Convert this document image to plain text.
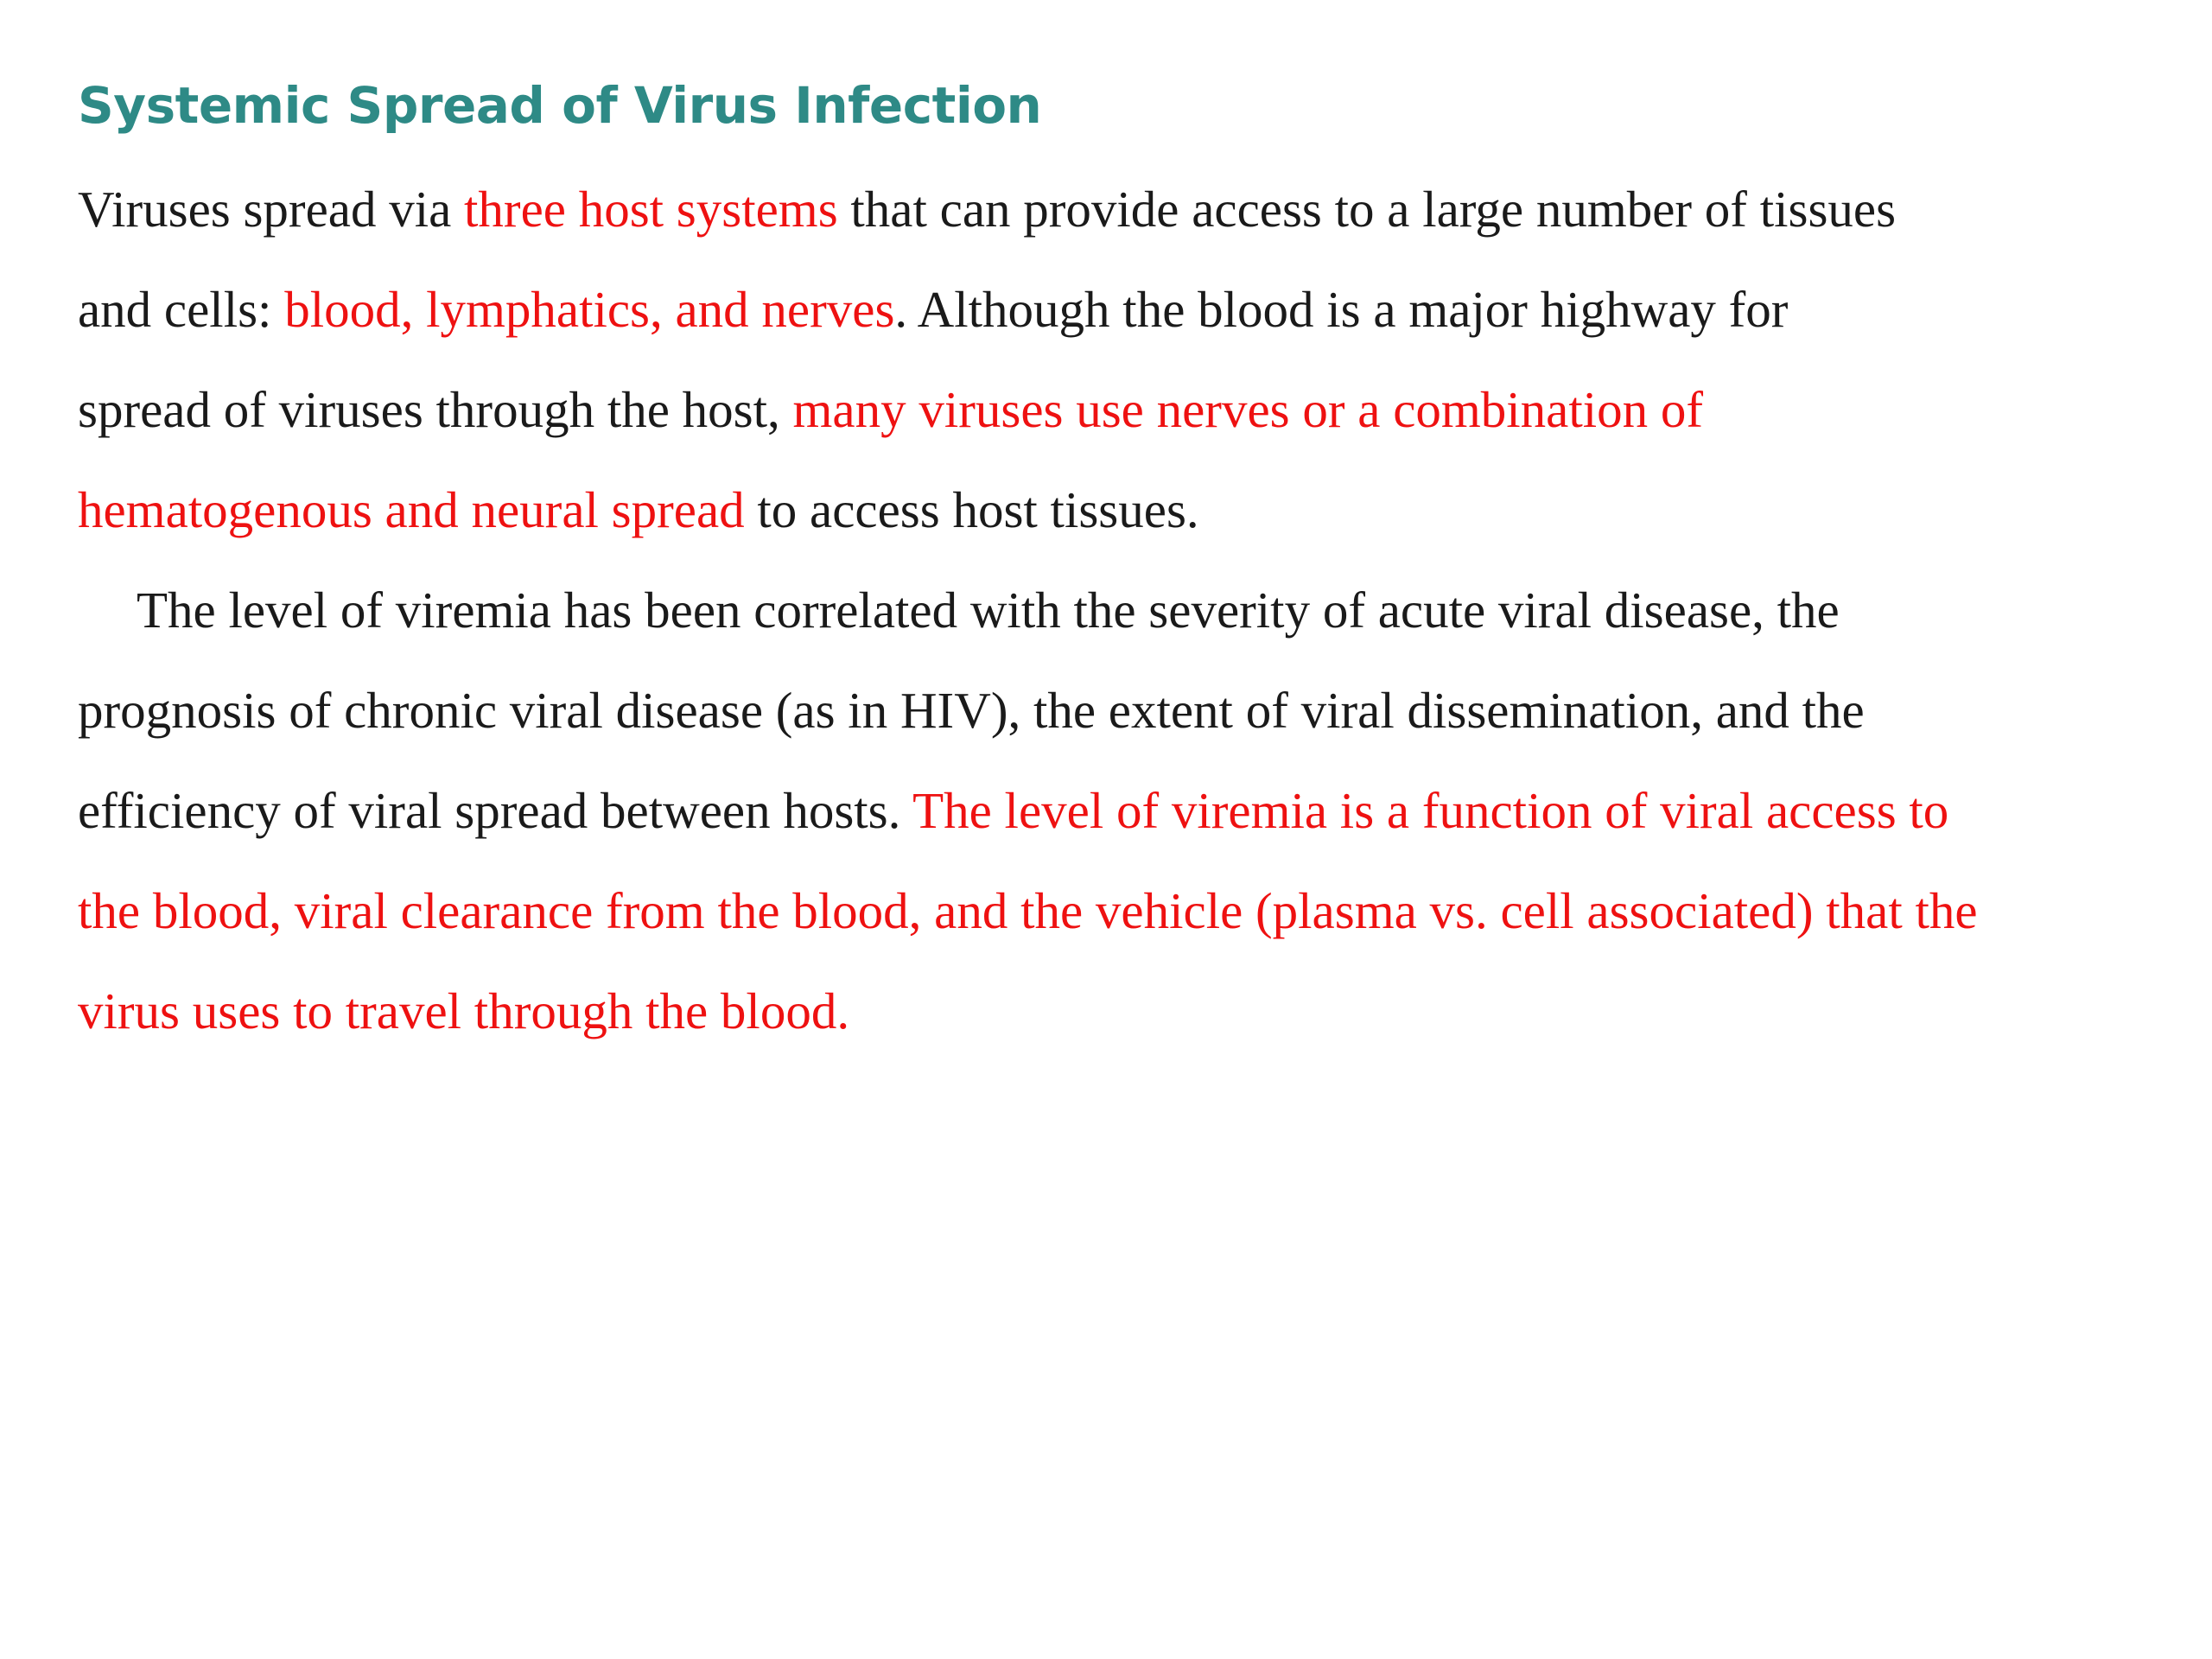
Systemic Spread of Virus Infection

Viruses spread via three host systems that can provide access to a large number of tissues
and cells: blood, lymphatics, and nerves. Although the blood is a major highway for
spread of viruses through the host, many viruses use nerves or a combination of
hematogenous and neural spread to access host tissues.

The level of viremia has been correlated with the severity of acute viral disease, the
prognosis of chronic viral disease (as in HIV), the extent of viral dissemination, and the
efficiency of viral spread between hosts. The level of viremia is a function of viral access to
the blood, viral clearance from the blood, and the vehicle (plasma vs. cell associated) that the
virus uses to travel through the blood.
